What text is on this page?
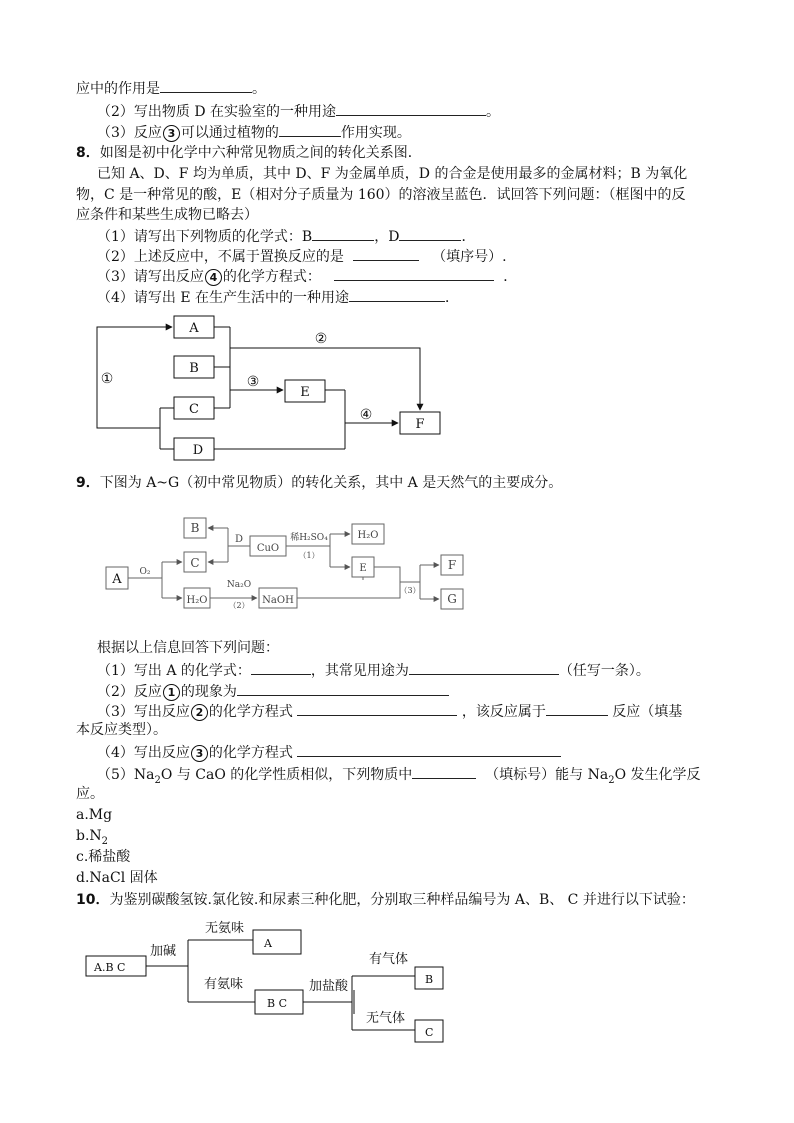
应中的作用是	。
（2）写出物质 D 在实验室的一种用途	。
（3）反应 3 可以通过植物的	作用实现。
8．如图是初中化学中六种常见物质之间的转化关系图．
已知 A、D、F 均为单质，其中 D、F 为金属单质，D 的合金是使用最多的金属材料；B 为氧化
物，C 是一种常见的酸，E（相对分子质量为 160）的溶液呈蓝色．试回答下列问题：（框图中的反
应条件和某些生成物已略去）
（1）请写出下列物质的化学式：B	，D	．
（2）上述反应中，不属于置换反应的是	（填序号）.
（3）请写出反应 4 的化学方程式：	．
（4）请写出 E 在生产生活中的一种用途	．
A
B
C
D
E
F
①
②
③
④
9．下图为 A~G（初中常见物质）的转化关系，其中 A 是天然气的主要成分。
A
B
C
H₂O
CuO
NaOH
H₂O
E	F
G
O₂
D	稀H₂SO₄
（1）
Na₂O
（2）
（3）
根据以上信息回答下列问题：
（1）写出 A 的化学式：	，其常见用途为	（任写一条）。
（2）反应 1 的现象为
（3）写出反应 2 的化学方程式	，该反应属于	反应（填基
本反应类型）。
（4）写出反应 3 的化学方程式
$(5)Na_2O$ 与 CaO 的化学性质相似，下列物质中	（填标号）能与 $Na_2O$ 发生化学反
应。
a.Mg
$b.N_2$
c.稀盐酸
d.NaCl 固体
10．为鉴别碳酸氢铵.氯化铵.和尿素三种化肥，分别取三种样品编号为 A、B、 C 并进行以下试验：
A.B C
加碱
无氨味
有氨味
A
B C
加盐酸
有气体
无气体
B
C
